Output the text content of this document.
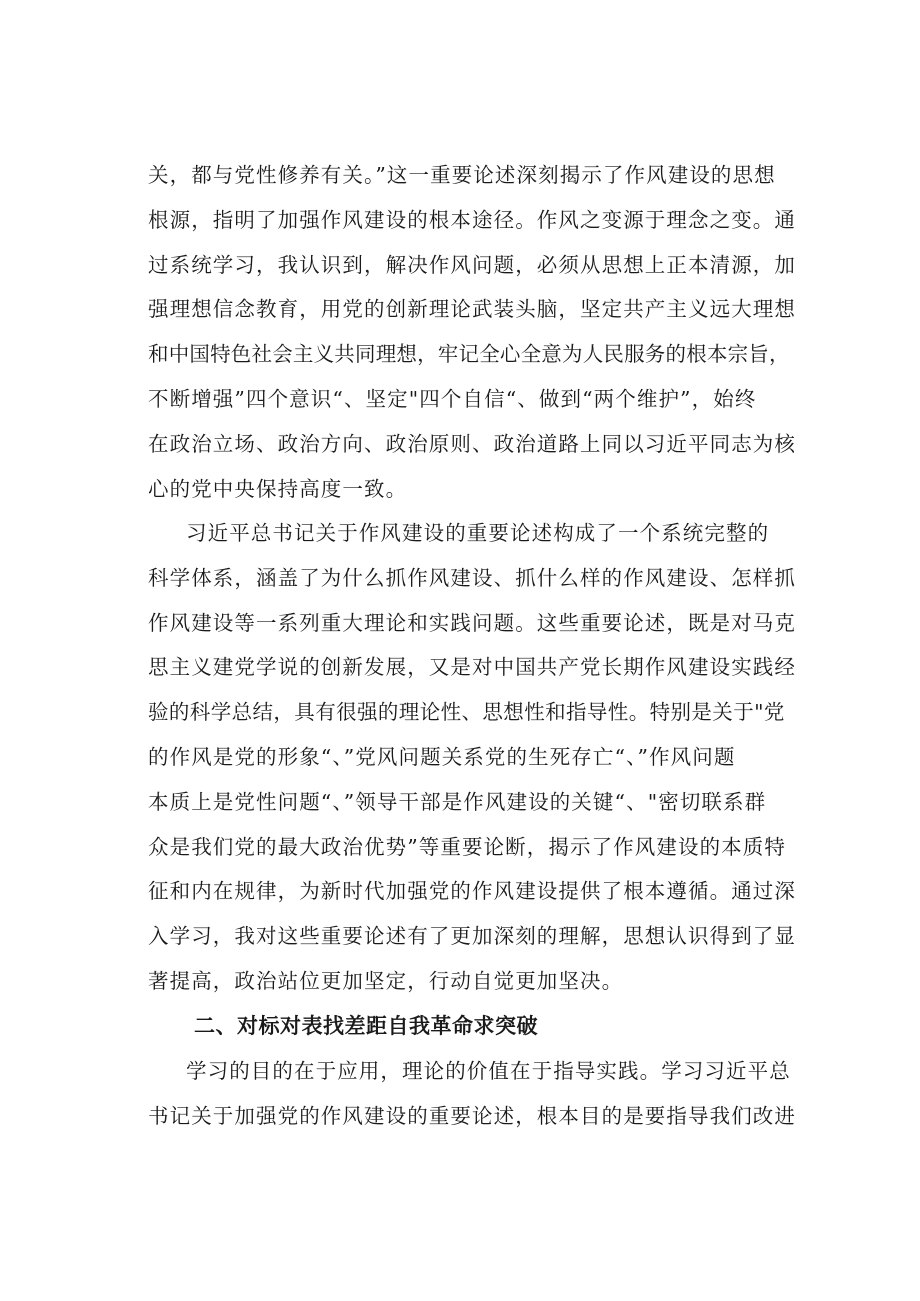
关，都与党性修养有关。”这一重要论述深刻揭示了作风建设的思想
根源，指明了加强作风建设的根本途径。作风之变源于理念之变。通
过系统学习，我认识到，解决作风问题，必须从思想上正本清源，加
强理想信念教育，用党的创新理论武装头脑，坚定共产主义远大理想
和中国特色社会主义共同理想，牢记全心全意为人民服务的根本宗旨，
不断增强”四个意识“、坚定"四个自信“、做到“两个维护”，始终
在政治立场、政治方向、政治原则、政治道路上同以习近平同志为核
心的党中央保持高度一致。
习近平总书记关于作风建设的重要论述构成了一个系统完整的
科学体系，涵盖了为什么抓作风建设、抓什么样的作风建设、怎样抓
作风建设等一系列重大理论和实践问题。这些重要论述，既是对马克
思主义建党学说的创新发展，又是对中国共产党长期作风建设实践经
验的科学总结，具有很强的理论性、思想性和指导性。特别是关于"党
的作风是党的形象“、”党风问题关系党的生死存亡“、”作风问题
本质上是党性问题“、”领导干部是作风建设的关键“、"密切联系群
众是我们党的最大政治优势”等重要论断，揭示了作风建设的本质特
征和内在规律，为新时代加强党的作风建设提供了根本遵循。通过深
入学习，我对这些重要论述有了更加深刻的理解，思想认识得到了显
著提高，政治站位更加坚定，行动自觉更加坚决。
二、对标对表找差距自我革命求突破
学习的目的在于应用，理论的价值在于指导实践。学习习近平总
书记关于加强党的作风建设的重要论述，根本目的是要指导我们改进
